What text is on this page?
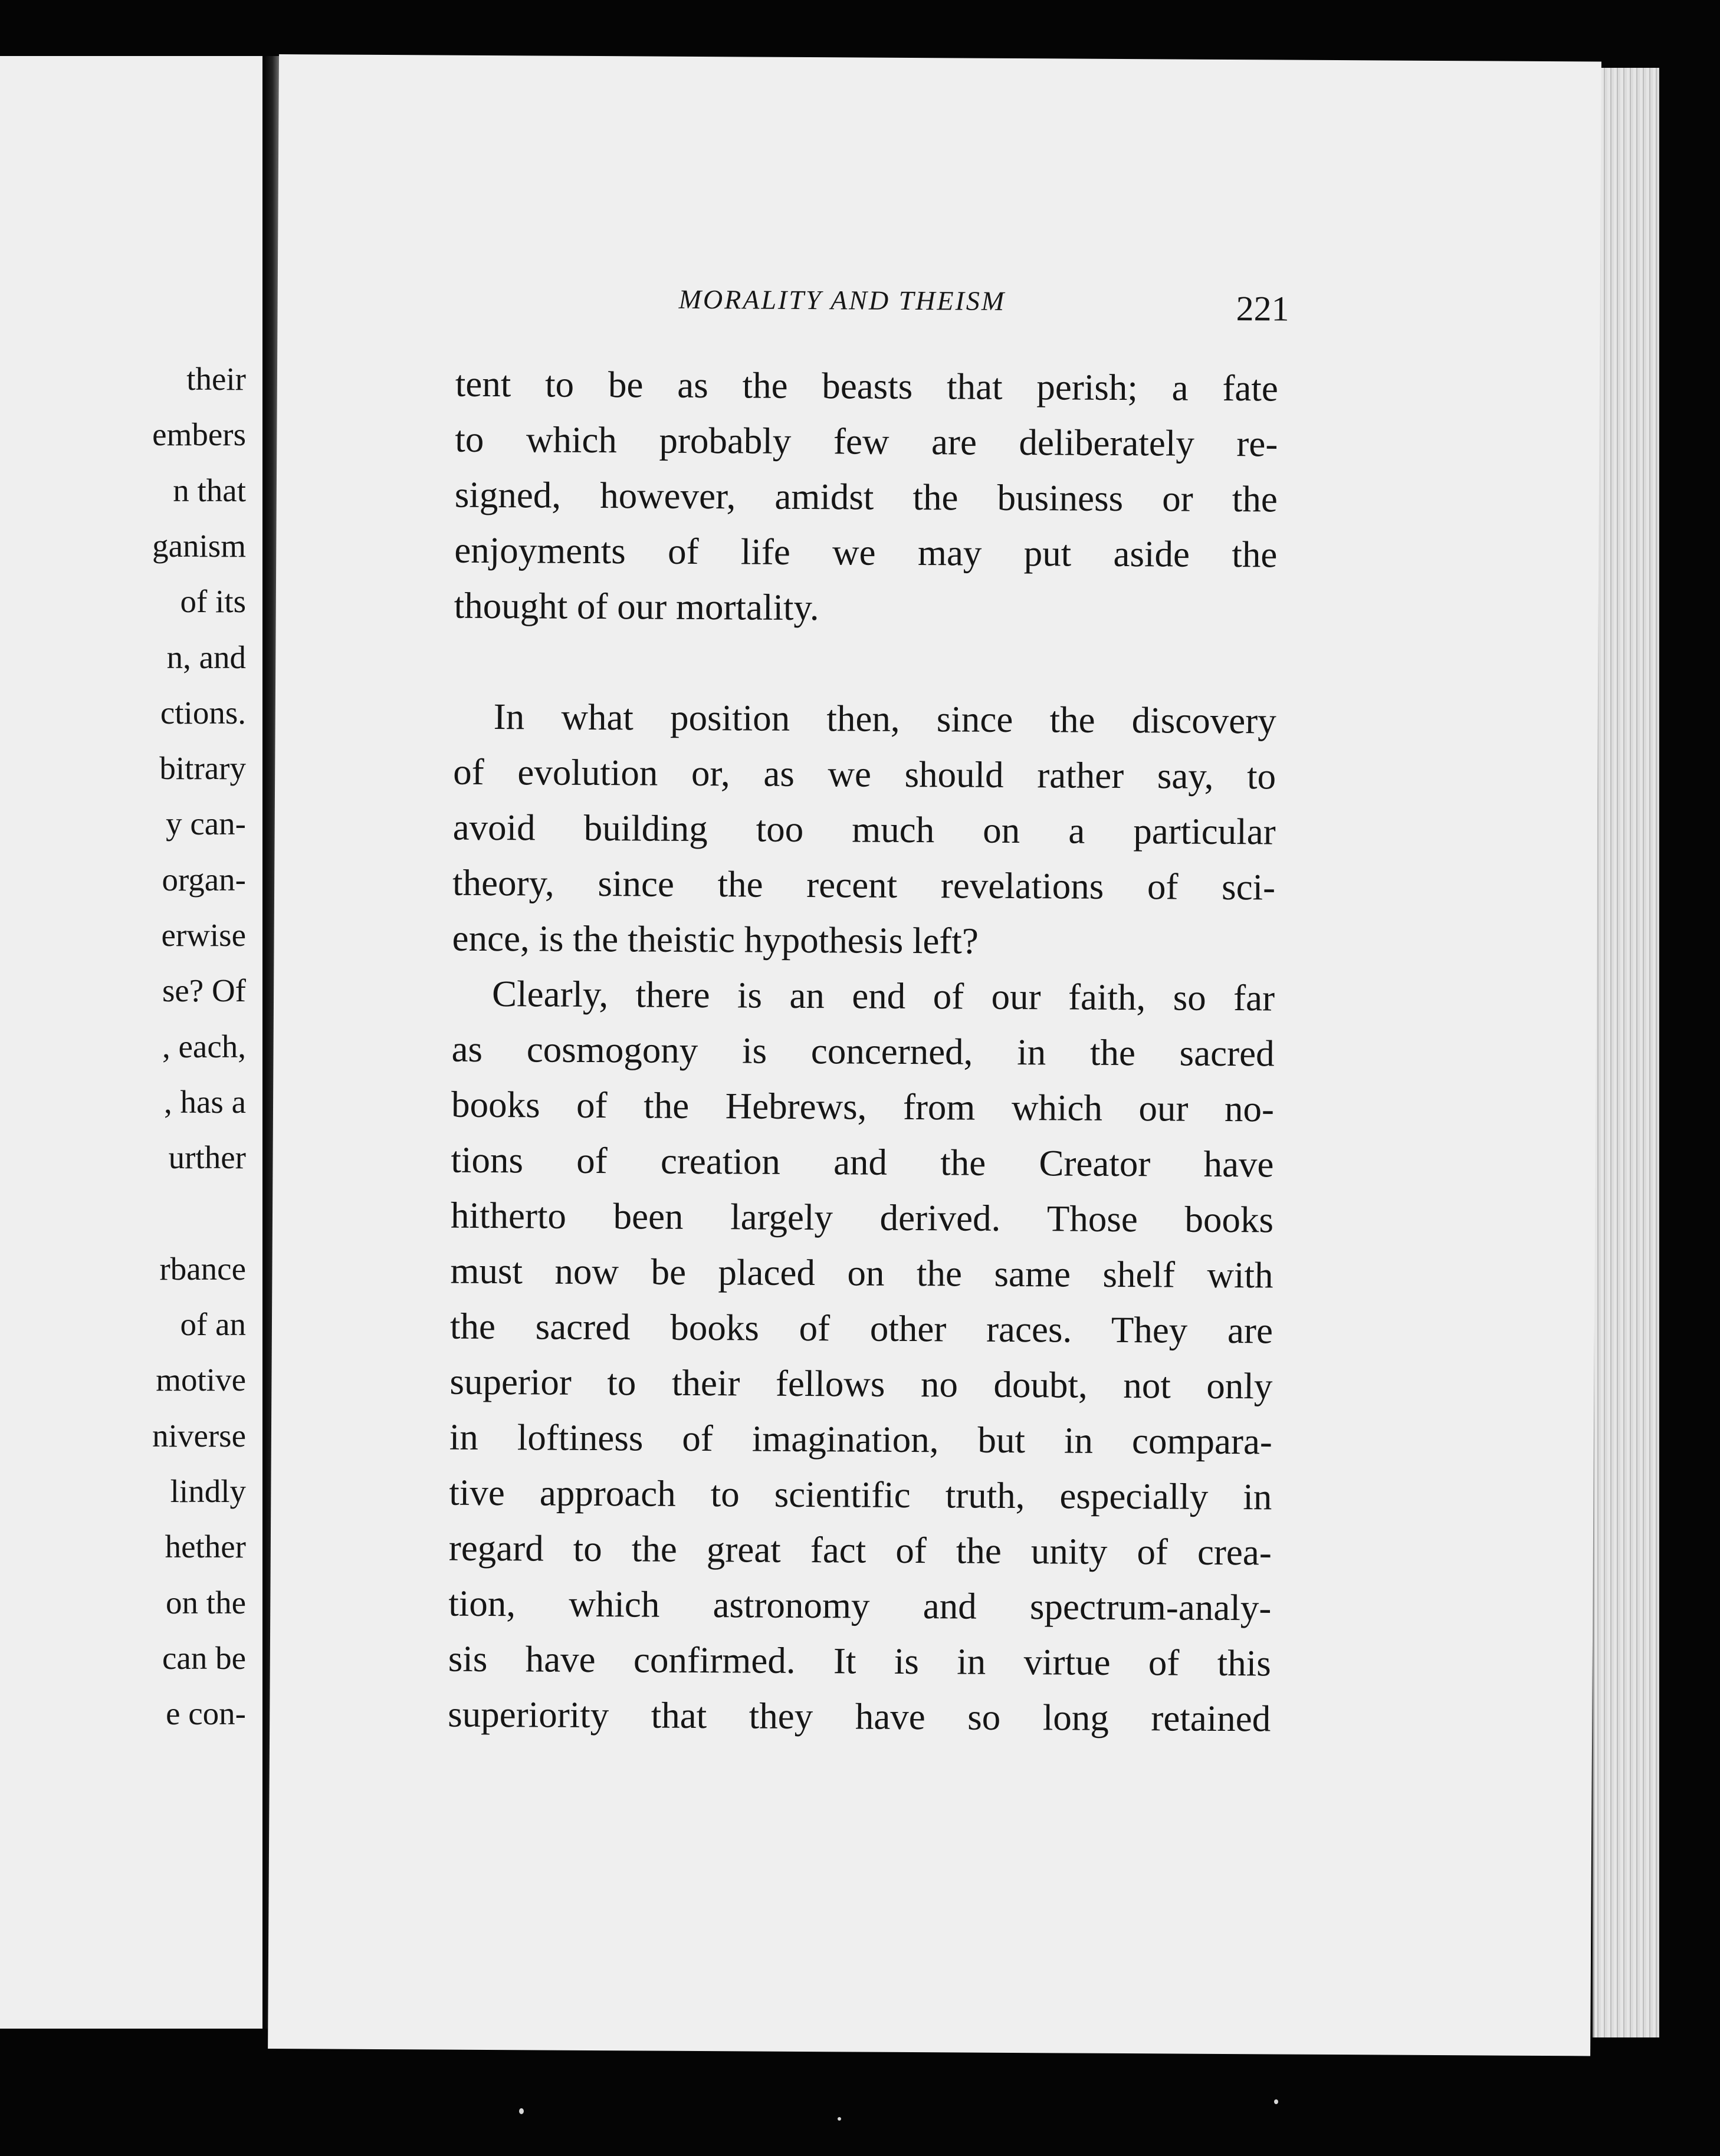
their
embers
n that
ganism
of its
n, and
ctions.
bitrary
y can-
organ-
erwise
se? Of
, each,
, has a
urther
rbance
of an
motive
niverse
lindly
hether
on the
can be
e con-
MORALITY AND THEISM	221
tent to be as the beasts that perish; a fate
to which probably few are deliberately re-
signed, however, amidst the business or the
enjoyments of life we may put aside the
thought of our mortality.
In what position then, since the discovery
of evolution or, as we should rather say, to
avoid building too much on a particular
theory, since the recent revelations of sci-
ence, is the theistic hypothesis left?
Clearly, there is an end of our faith, so far
as cosmogony is concerned, in the sacred
books of the Hebrews, from which our no-
tions of creation and the Creator have
hitherto been largely derived. Those books
must now be placed on the same shelf with
the sacred books of other races. They are
superior to their fellows no doubt, not only
in loftiness of imagination, but in compara-
tive approach to scientific truth, especially in
regard to the great fact of the unity of crea-
tion, which astronomy and spectrum-analy-
sis have confirmed. It is in virtue of this
superiority that they have so long retained
